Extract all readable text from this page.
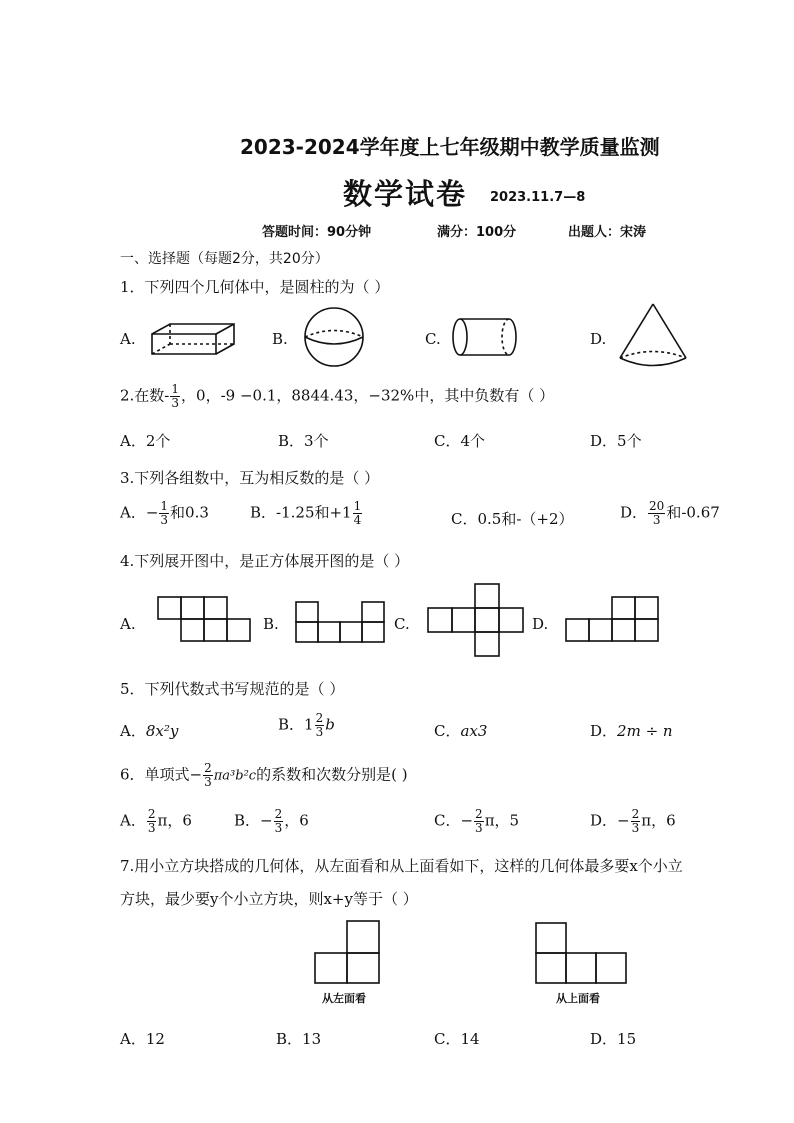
2023-2024学年度上七年级期中教学质量监测
数学试卷 2023.11.7—8
答题时间：90分钟	满分：100分	出题人：宋涛
一、选择题（每题2分，共20分）
1．下列四个几何体中，是圆柱的为（ ）
A.	B.	C.	D.
2.在数- $\frac{1}{3}$ ，0，-9 −0.1，8844.43，−32%中，其中负数有（ ）
A．2个	B．3个	C．4个	D．5个
3.下列各组数中，互为相反数的是（ ）
A．− $\frac{1}{3}$ 和0.3	B．-1.25和$+1 \frac{1}{4}$	C．0.5和-（+2）	D． $\frac{20}{3}$ 和-0.67
4.下列展开图中，是正方体展开图的是（ ）
A.	B.	C.	D.
5．下列代数式书写规范的是（ ）
A．8x²y	B．$1 \frac{2}{3}$ b	C．ax3	D．2m ÷ n
6．单项式− $\frac{2}{3} \pi a^3b^2c$的系数和次数分别是( )
A． $\frac{2}{3}$ π，6	B．− $\frac{2}{3}$ ，6	C．− $\frac{2}{3}$ π，5	D．− $\frac{2}{3}$ π，6
7.用小立方块搭成的几何体，从左面看和从上面看如下，这样的几何体最多要x个小立
方块，最少要y个小立方块，则x+y等于（ ）
从左面看	从上面看
A．12	B．13	C．14	D．15
